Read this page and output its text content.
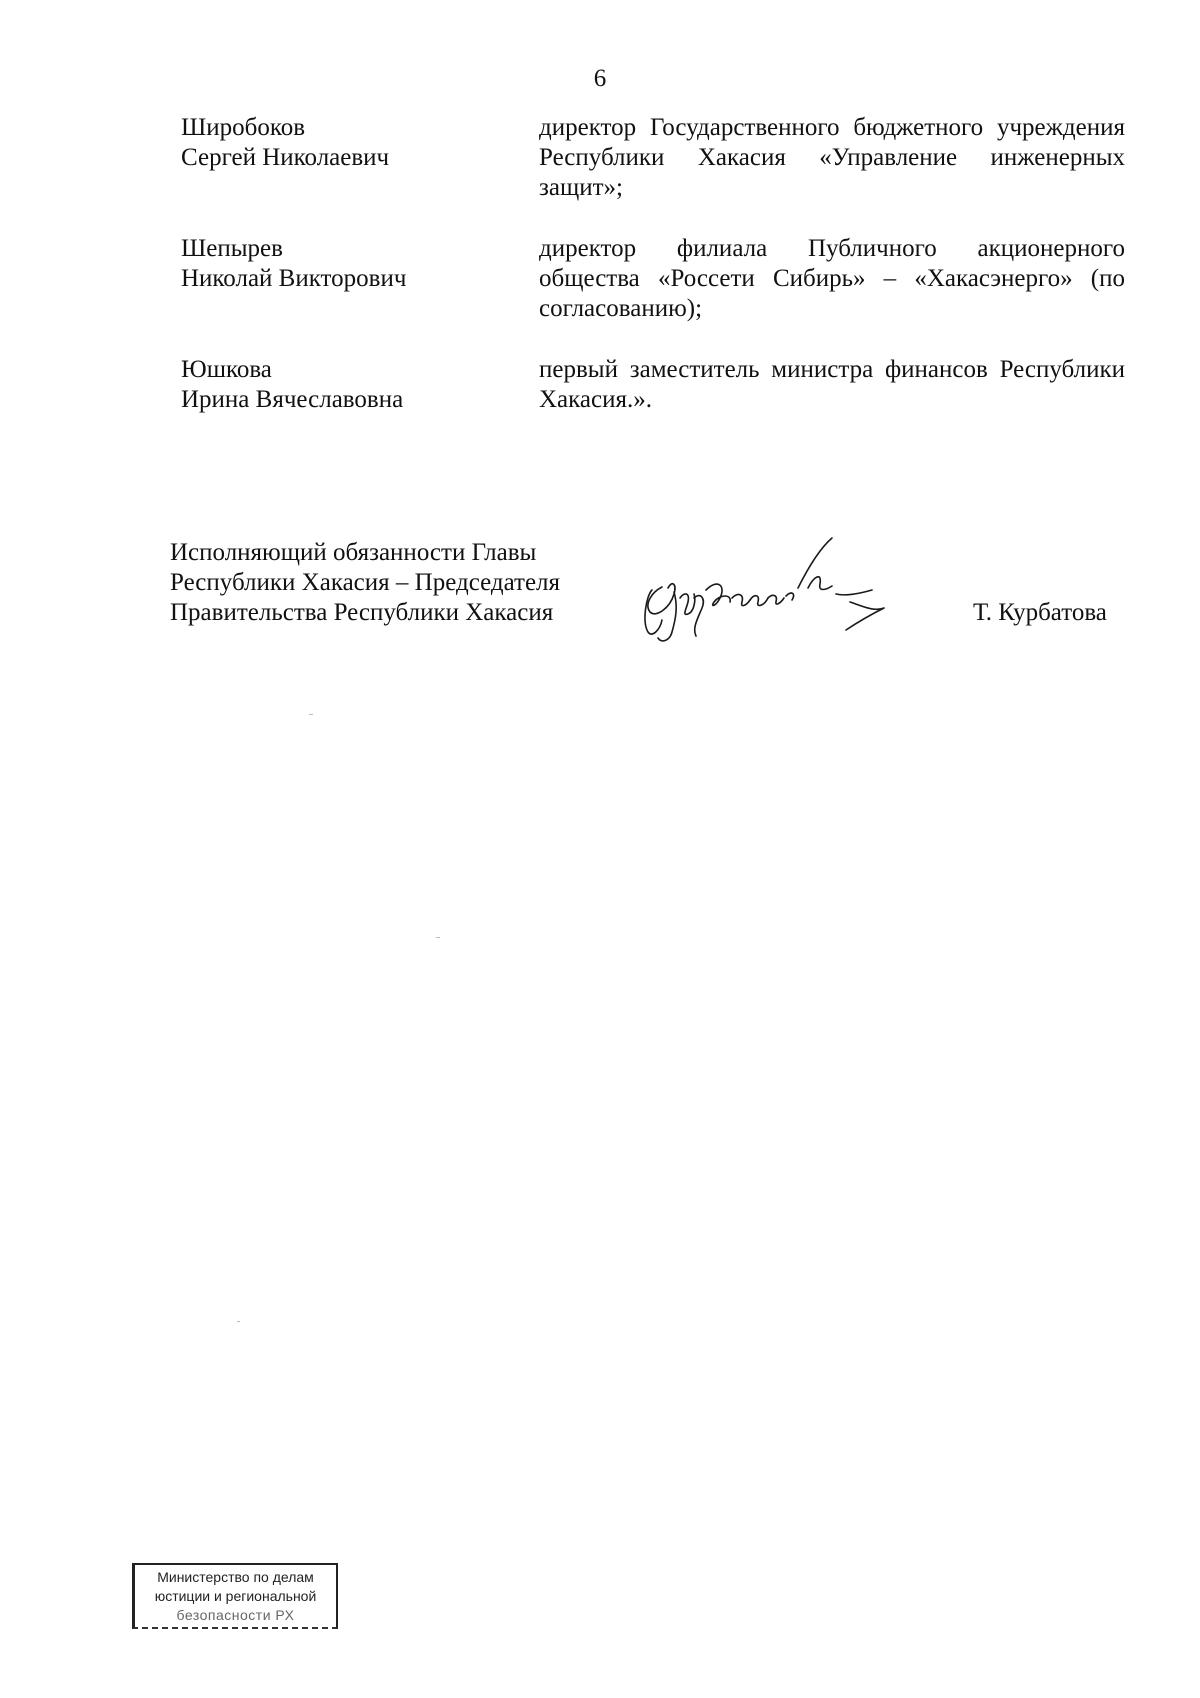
6
Широбоков
Сергей Николаевич
директор Государственного бюджетного учреждения Республики Хакасия «Управление инженерных защит»;
Шепырев
Николай Викторович
директор филиала Публичного акционерного общества «Россети Сибирь» – «Хакасэнерго» (по согласованию);
Юшкова
Ирина Вячеславовна
первый заместитель министра финансов Республики Хакасия.».
Исполняющий обязанности Главы
Республики Хакасия – Председателя
Правительства Республики Хакасия	Т. Курбатова
Министерство по делам
юстиции и региональной
безопасности РХ
